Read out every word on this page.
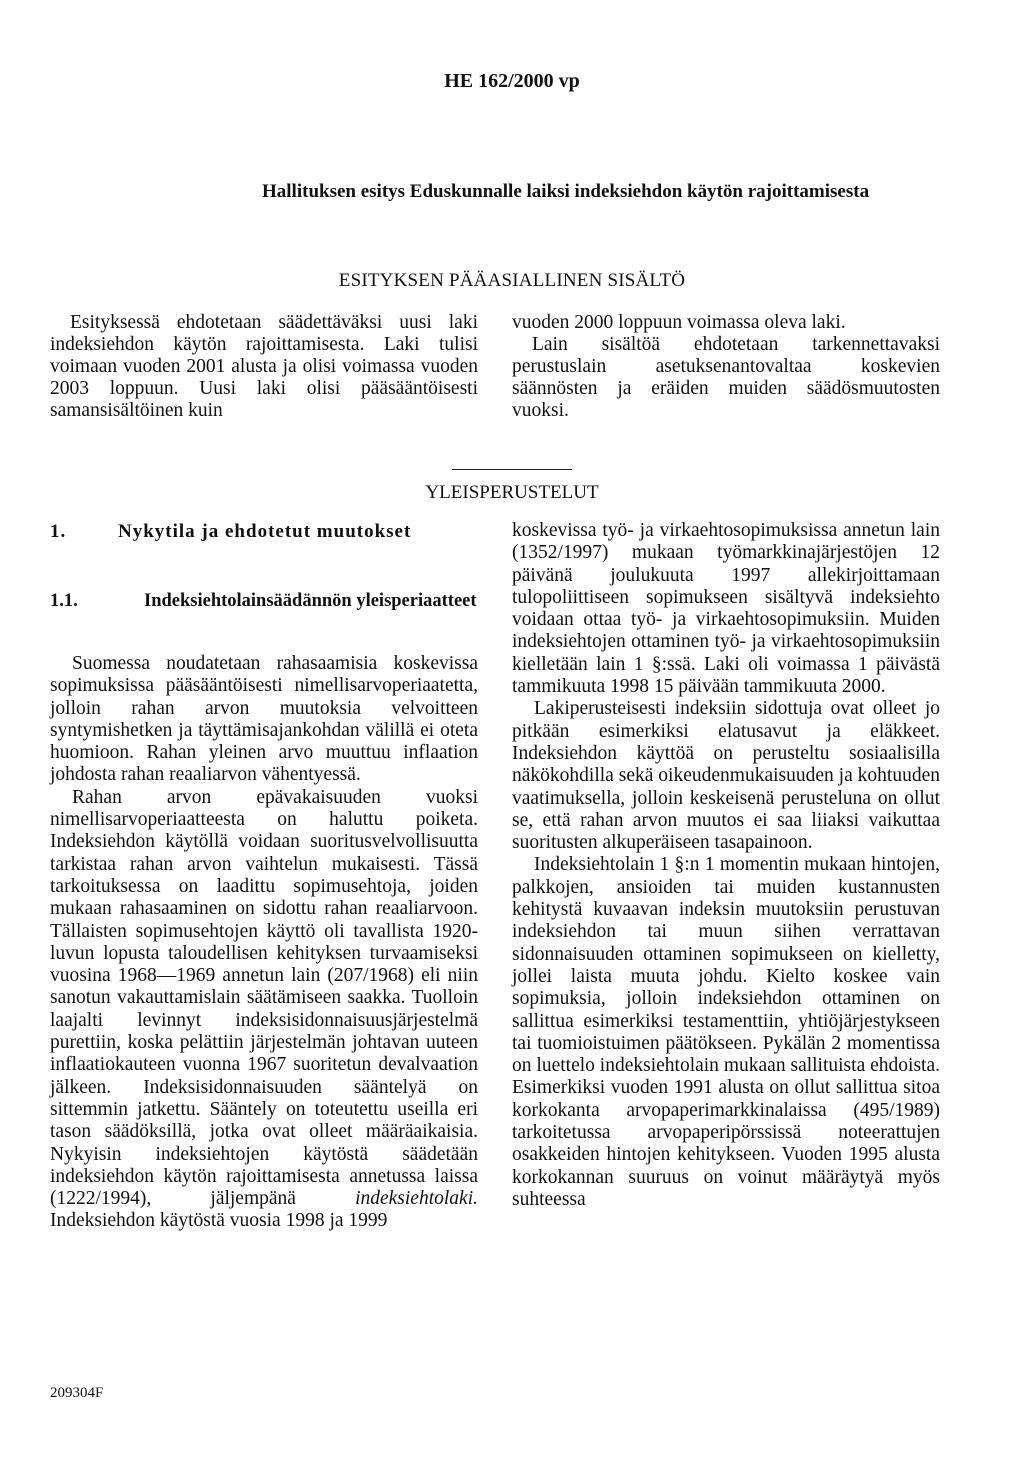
HE 162/2000 vp
Hallituksen esitys Eduskunnalle laiksi indeksiehdon käytön rajoittamisesta
ESITYKSEN PÄÄASIALLINEN SISÄLTÖ

Esityksessä ehdotetaan säädettäväksi uusi laki indeksiehdon käytön rajoittamisesta. Laki tulisi voimaan vuoden 2001 alusta ja olisi voimassa vuoden 2003 loppuun. Uusi laki olisi pääsääntöisesti samansisältöinen kuin

vuoden 2000 loppuun voimassa oleva laki.

Lain sisältöä ehdotetaan tarkennettavaksi perustuslain asetuksenantovaltaa koskevien säännösten ja eräiden muiden säädösmuutosten vuoksi.

YLEISPERUSTELUT
1.	Nykytila ja ehdotetut muutokset
1.1.	Indeksiehtolainsäädännön yleisperiaatteet

Suomessa noudatetaan rahasaamisia koskevissa sopimuksissa pääsääntöisesti nimellisarvoperiaatetta, jolloin rahan arvon muutoksia velvoitteen syntymishetken ja täyttämisajankohdan välillä ei oteta huomioon. Rahan yleinen arvo muuttuu inflaation johdosta rahan reaaliarvon vähentyessä.

Rahan arvon epävakaisuuden vuoksi nimellisarvoperiaatteesta on haluttu poiketa. Indeksiehdon käytöllä voidaan suoritusvelvollisuutta tarkistaa rahan arvon vaihtelun mukaisesti. Tässä tarkoituksessa on laadittu sopimusehtoja, joiden mukaan rahasaaminen on sidottu rahan reaaliarvoon. Tällaisten sopimusehtojen käyttö oli tavallista 1920-luvun lopusta taloudellisen kehityksen turvaamiseksi vuosina 1968—1969 annetun lain (207/1968) eli niin sanotun vakauttamislain säätämiseen saakka. Tuolloin laajalti levinnyt indeksisidonnaisuusjärjestelmä purettiin, koska pelättiin järjestelmän johtavan uuteen inflaatiokauteen vuonna 1967 suoritetun devalvaation jälkeen. Indeksisidonnaisuuden sääntelyä on sittemmin jatkettu. Sääntely on toteutettu useilla eri tason säädöksillä, jotka ovat olleet määräaikaisia. Nykyisin indeksiehtojen käytöstä säädetään indeksiehdon käytön rajoittamisesta annetussa laissa (1222/1994), jäljempänä indeksiehtolaki. Indeksiehdon käytöstä vuosia 1998 ja 1999

koskevissa työ- ja virkaehtosopimuksissa annetun lain (1352/1997) mukaan työmarkkinajärjestöjen 12 päivänä joulukuuta 1997 allekirjoittamaan tulopoliittiseen sopimukseen sisältyvä indeksiehto voidaan ottaa työ- ja virkaehtosopimuksiin. Muiden indeksiehtojen ottaminen työ- ja virkaehtosopimuksiin kielletään lain 1 §:ssä. Laki oli voimassa 1 päivästä tammikuuta 1998 15 päivään tammikuuta 2000.

Lakiperusteisesti indeksiin sidottuja ovat olleet jo pitkään esimerkiksi elatusavut ja eläkkeet. Indeksiehdon käyttöä on perusteltu sosiaalisilla näkökohdilla sekä oikeudenmukaisuuden ja kohtuuden vaatimuksella, jolloin keskeisenä perusteluna on ollut se, että rahan arvon muutos ei saa liiaksi vaikuttaa suoritusten alkuperäiseen tasapainoon.

Indeksiehtolain 1 §:n 1 momentin mukaan hintojen, palkkojen, ansioiden tai muiden kustannusten kehitystä kuvaavan indeksin muutoksiin perustuvan indeksiehdon tai muun siihen verrattavan sidonnaisuuden ottaminen sopimukseen on kielletty, jollei laista muuta johdu. Kielto koskee vain sopimuksia, jolloin indeksiehdon ottaminen on sallittua esimerkiksi testamenttiin, yhtiöjärjestykseen tai tuomioistuimen päätökseen. Pykälän 2 momentissa on luettelo indeksiehtolain mukaan sallituista ehdoista. Esimerkiksi vuoden 1991 alusta on ollut sallittua sitoa korkokanta arvopaperimarkkinalaissa (495/1989) tarkoitetussa arvopaperipörssissä noteerattujen osakkeiden hintojen kehitykseen. Vuoden 1995 alusta korkokannan suuruus on voinut määräytyä myös suhteessa

209304F
